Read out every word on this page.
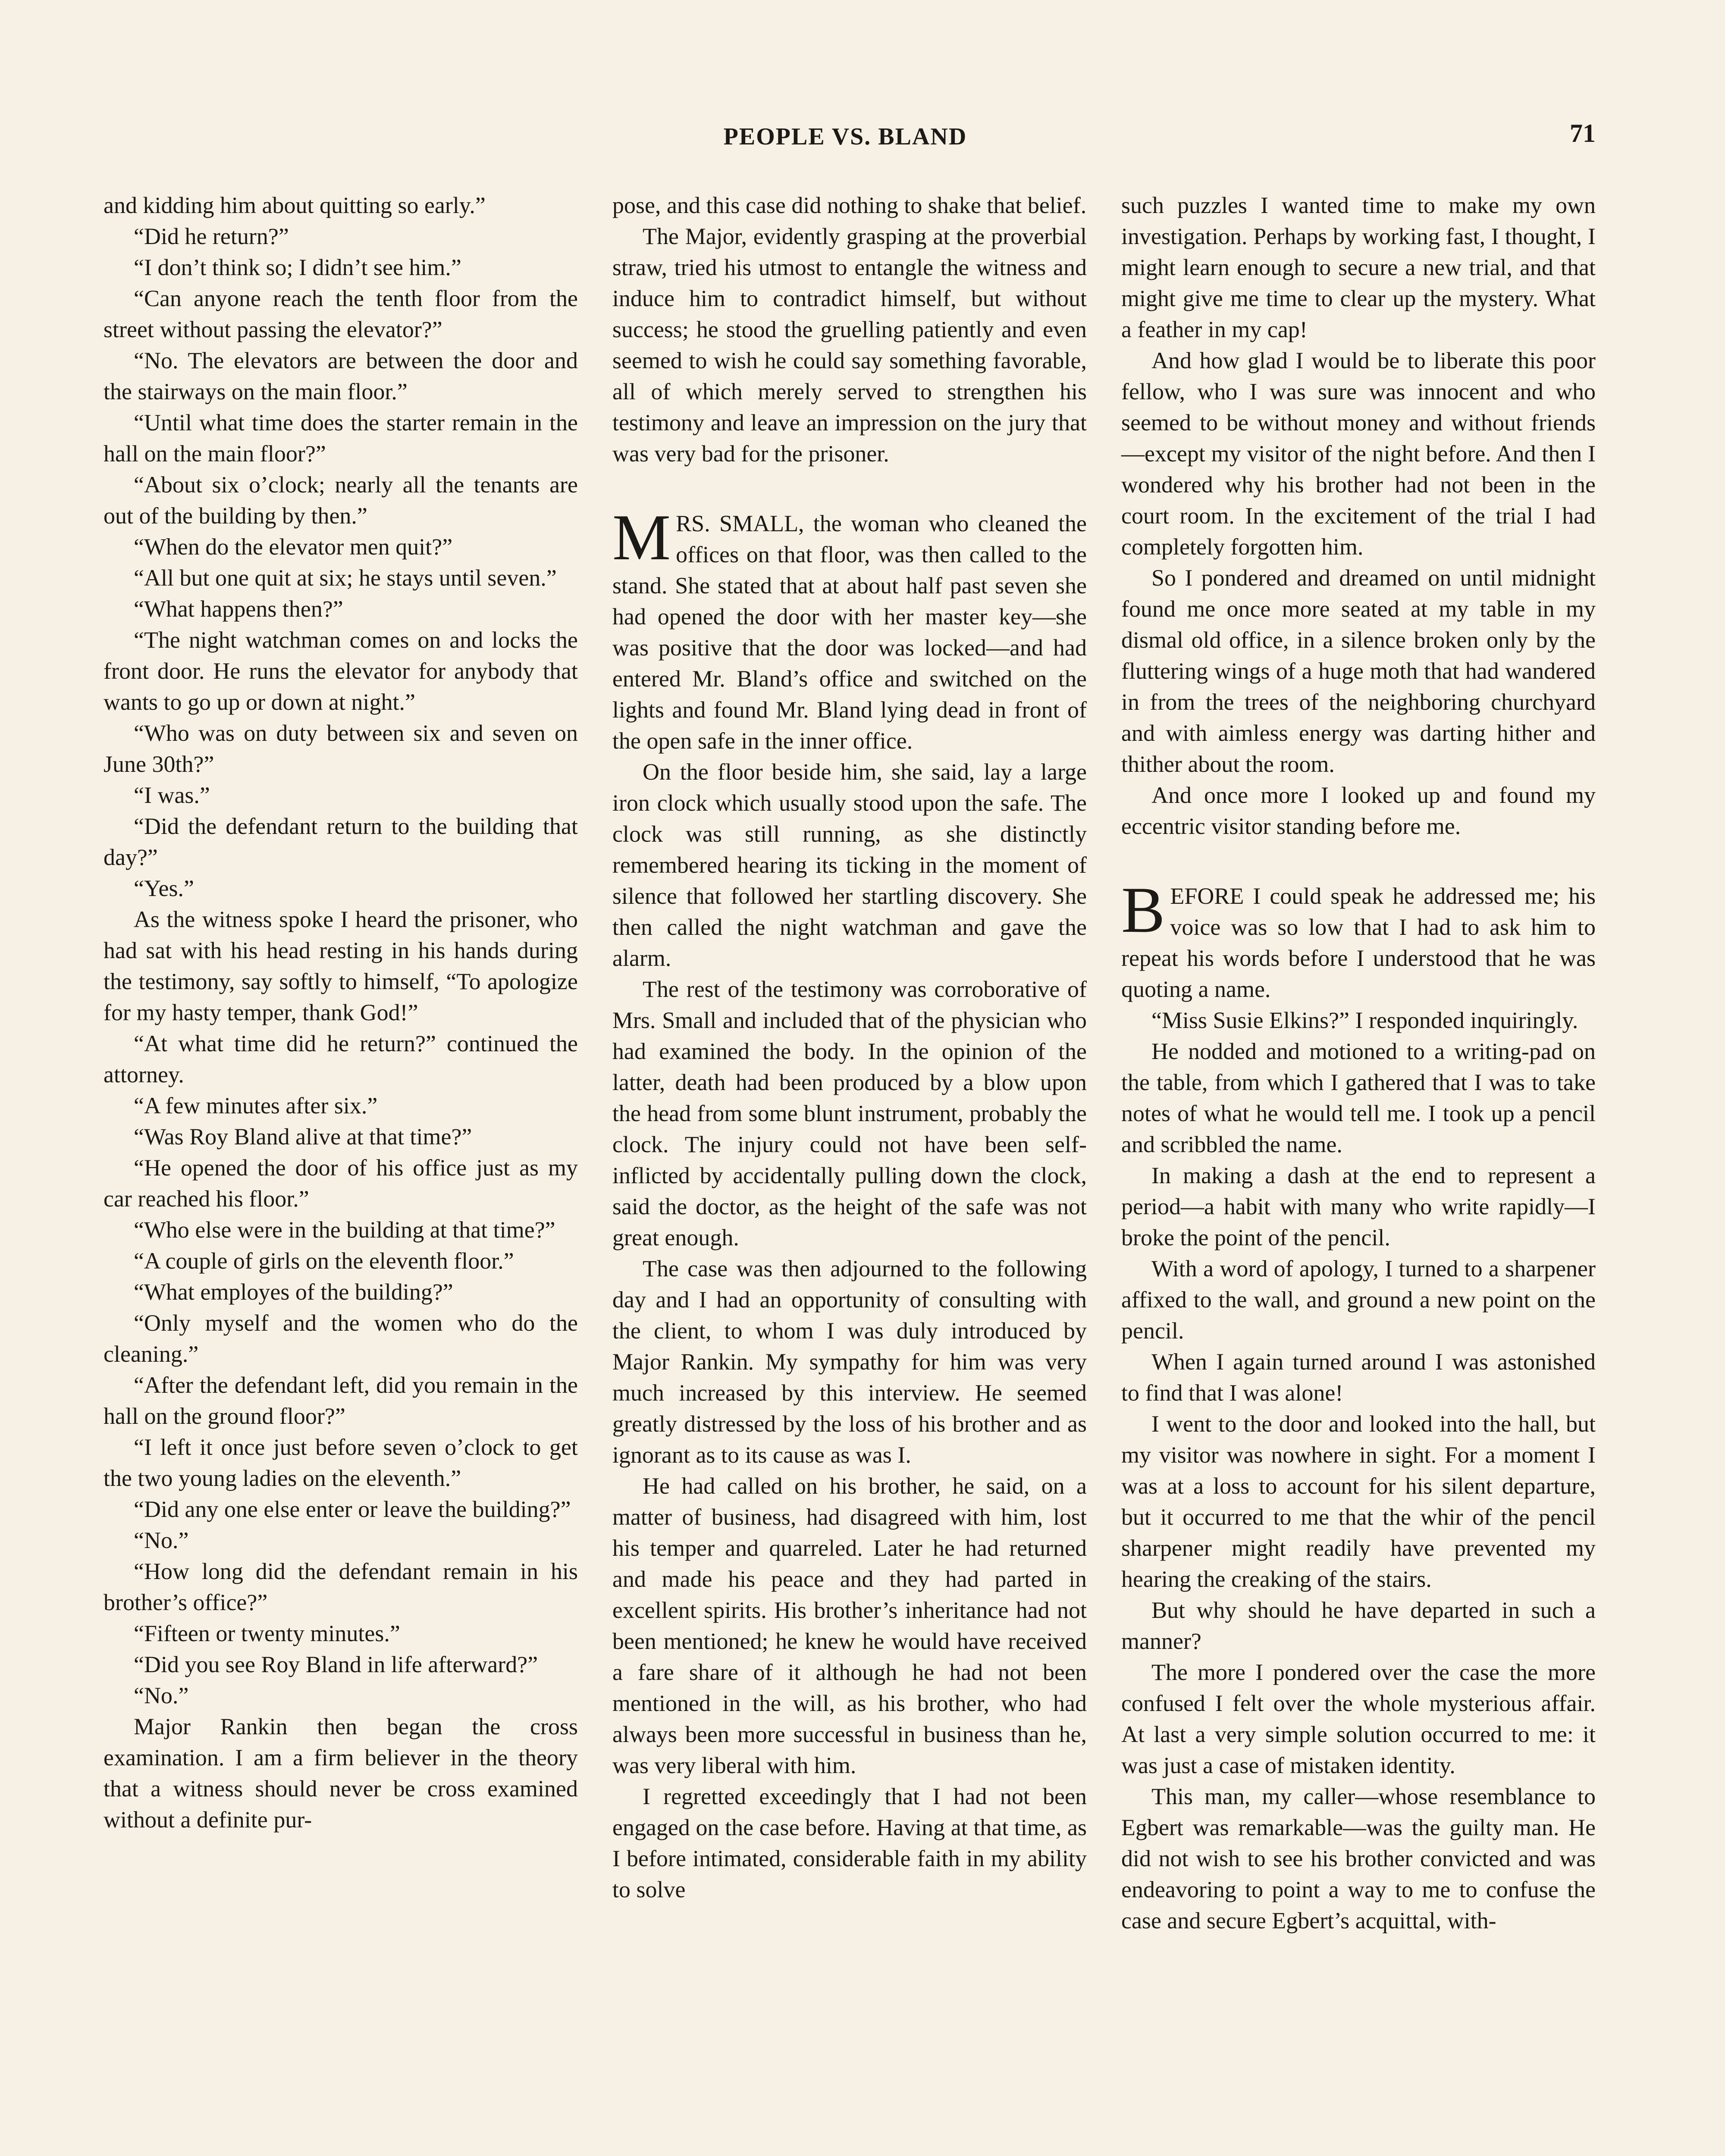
PEOPLE VS. BLAND	71

and kidding him about quitting so early.”

“Did he return?”

“I don’t think so; I didn’t see him.”

“Can anyone reach the tenth floor from the street without passing the elevator?”

“No. The elevators are between the door and the stairways on the main floor.”

“Until what time does the starter remain in the hall on the main floor?”

“About six o’clock; nearly all the tenants are out of the building by then.”

“When do the elevator men quit?”

“All but one quit at six; he stays until seven.”

“What happens then?”

“The night watchman comes on and locks the front door. He runs the elevator for anybody that wants to go up or down at night.”

“Who was on duty between six and seven on June 30th?”

“I was.”

“Did the defendant return to the building that day?”

“Yes.”

As the witness spoke I heard the prisoner, who had sat with his head resting in his hands during the testimony, say softly to himself, “To apologize for my hasty temper, thank God!”

“At what time did he return?” continued the attorney.

“A few minutes after six.”

“Was Roy Bland alive at that time?”

“He opened the door of his office just as my car reached his floor.”

“Who else were in the building at that time?”

“A couple of girls on the eleventh floor.”

“What employes of the building?”

“Only myself and the women who do the cleaning.”

“After the defendant left, did you remain in the hall on the ground floor?”

“I left it once just before seven o’clock to get the two young ladies on the eleventh.”

“Did any one else enter or leave the building?”

“No.”

“How long did the defendant remain in his brother’s office?”

“Fifteen or twenty minutes.”

“Did you see Roy Bland in life afterward?”

“No.”

Major Rankin then began the cross examination. I am a firm believer in the theory that a witness should never be cross examined without a definite pur-

pose, and this case did nothing to shake that belief.

The Major, evidently grasping at the proverbial straw, tried his utmost to entangle the witness and induce him to contradict himself, but without success; he stood the gruelling patiently and even seemed to wish he could say something favorable, all of which merely served to strengthen his testimony and leave an impression on the jury that was very bad for the prisoner.

MRS. SMALL, the woman who cleaned the offices on that floor, was then called to the stand. She stated that at about half past seven she had opened the door with her master key—she was positive that the door was locked—and had entered Mr. Bland’s office and switched on the lights and found Mr. Bland lying dead in front of the open safe in the inner office.

On the floor beside him, she said, lay a large iron clock which usually stood upon the safe. The clock was still running, as she distinctly remembered hearing its ticking in the moment of silence that followed her startling discovery. She then called the night watchman and gave the alarm.

The rest of the testimony was corroborative of Mrs. Small and included that of the physician who had examined the body. In the opinion of the latter, death had been produced by a blow upon the head from some blunt instrument, probably the clock. The injury could not have been self-inflicted by accidentally pulling down the clock, said the doctor, as the height of the safe was not great enough.

The case was then adjourned to the following day and I had an opportunity of consulting with the client, to whom I was duly introduced by Major Rankin. My sympathy for him was very much increased by this interview. He seemed greatly distressed by the loss of his brother and as ignorant as to its cause as was I.

He had called on his brother, he said, on a matter of business, had disagreed with him, lost his temper and quarreled. Later he had returned and made his peace and they had parted in excellent spirits. His brother’s inheritance had not been mentioned; he knew he would have received a fare share of it although he had not been mentioned in the will, as his brother, who had always been more successful in business than he, was very liberal with him.

I regretted exceedingly that I had not been engaged on the case before. Having at that time, as I before intimated, considerable faith in my ability to solve

such puzzles I wanted time to make my own investigation. Perhaps by working fast, I thought, I might learn enough to secure a new trial, and that might give me time to clear up the mystery. What a feather in my cap!

And how glad I would be to liberate this poor fellow, who I was sure was innocent and who seemed to be without money and without friends—except my visitor of the night before. And then I wondered why his brother had not been in the court room. In the excitement of the trial I had completely forgotten him.

So I pondered and dreamed on until midnight found me once more seated at my table in my dismal old office, in a silence broken only by the fluttering wings of a huge moth that had wandered in from the trees of the neighboring churchyard and with aimless energy was darting hither and thither about the room.

And once more I looked up and found my eccentric visitor standing before me.

BEFORE I could speak he addressed me; his voice was so low that I had to ask him to repeat his words before I understood that he was quoting a name.

“Miss Susie Elkins?” I responded inquiringly.

He nodded and motioned to a writing-pad on the table, from which I gathered that I was to take notes of what he would tell me. I took up a pencil and scribbled the name.

In making a dash at the end to represent a period—a habit with many who write rapidly—I broke the point of the pencil.

With a word of apology, I turned to a sharpener affixed to the wall, and ground a new point on the pencil.

When I again turned around I was astonished to find that I was alone!

I went to the door and looked into the hall, but my visitor was nowhere in sight. For a moment I was at a loss to account for his silent departure, but it occurred to me that the whir of the pencil sharpener might readily have prevented my hearing the creaking of the stairs.

But why should he have departed in such a manner?

The more I pondered over the case the more confused I felt over the whole mysterious affair. At last a very simple solution occurred to me: it was just a case of mistaken identity.

This man, my caller—whose resemblance to Egbert was remarkable—was the guilty man. He did not wish to see his brother convicted and was endeavoring to point a way to me to confuse the case and secure Egbert’s acquittal, with-
